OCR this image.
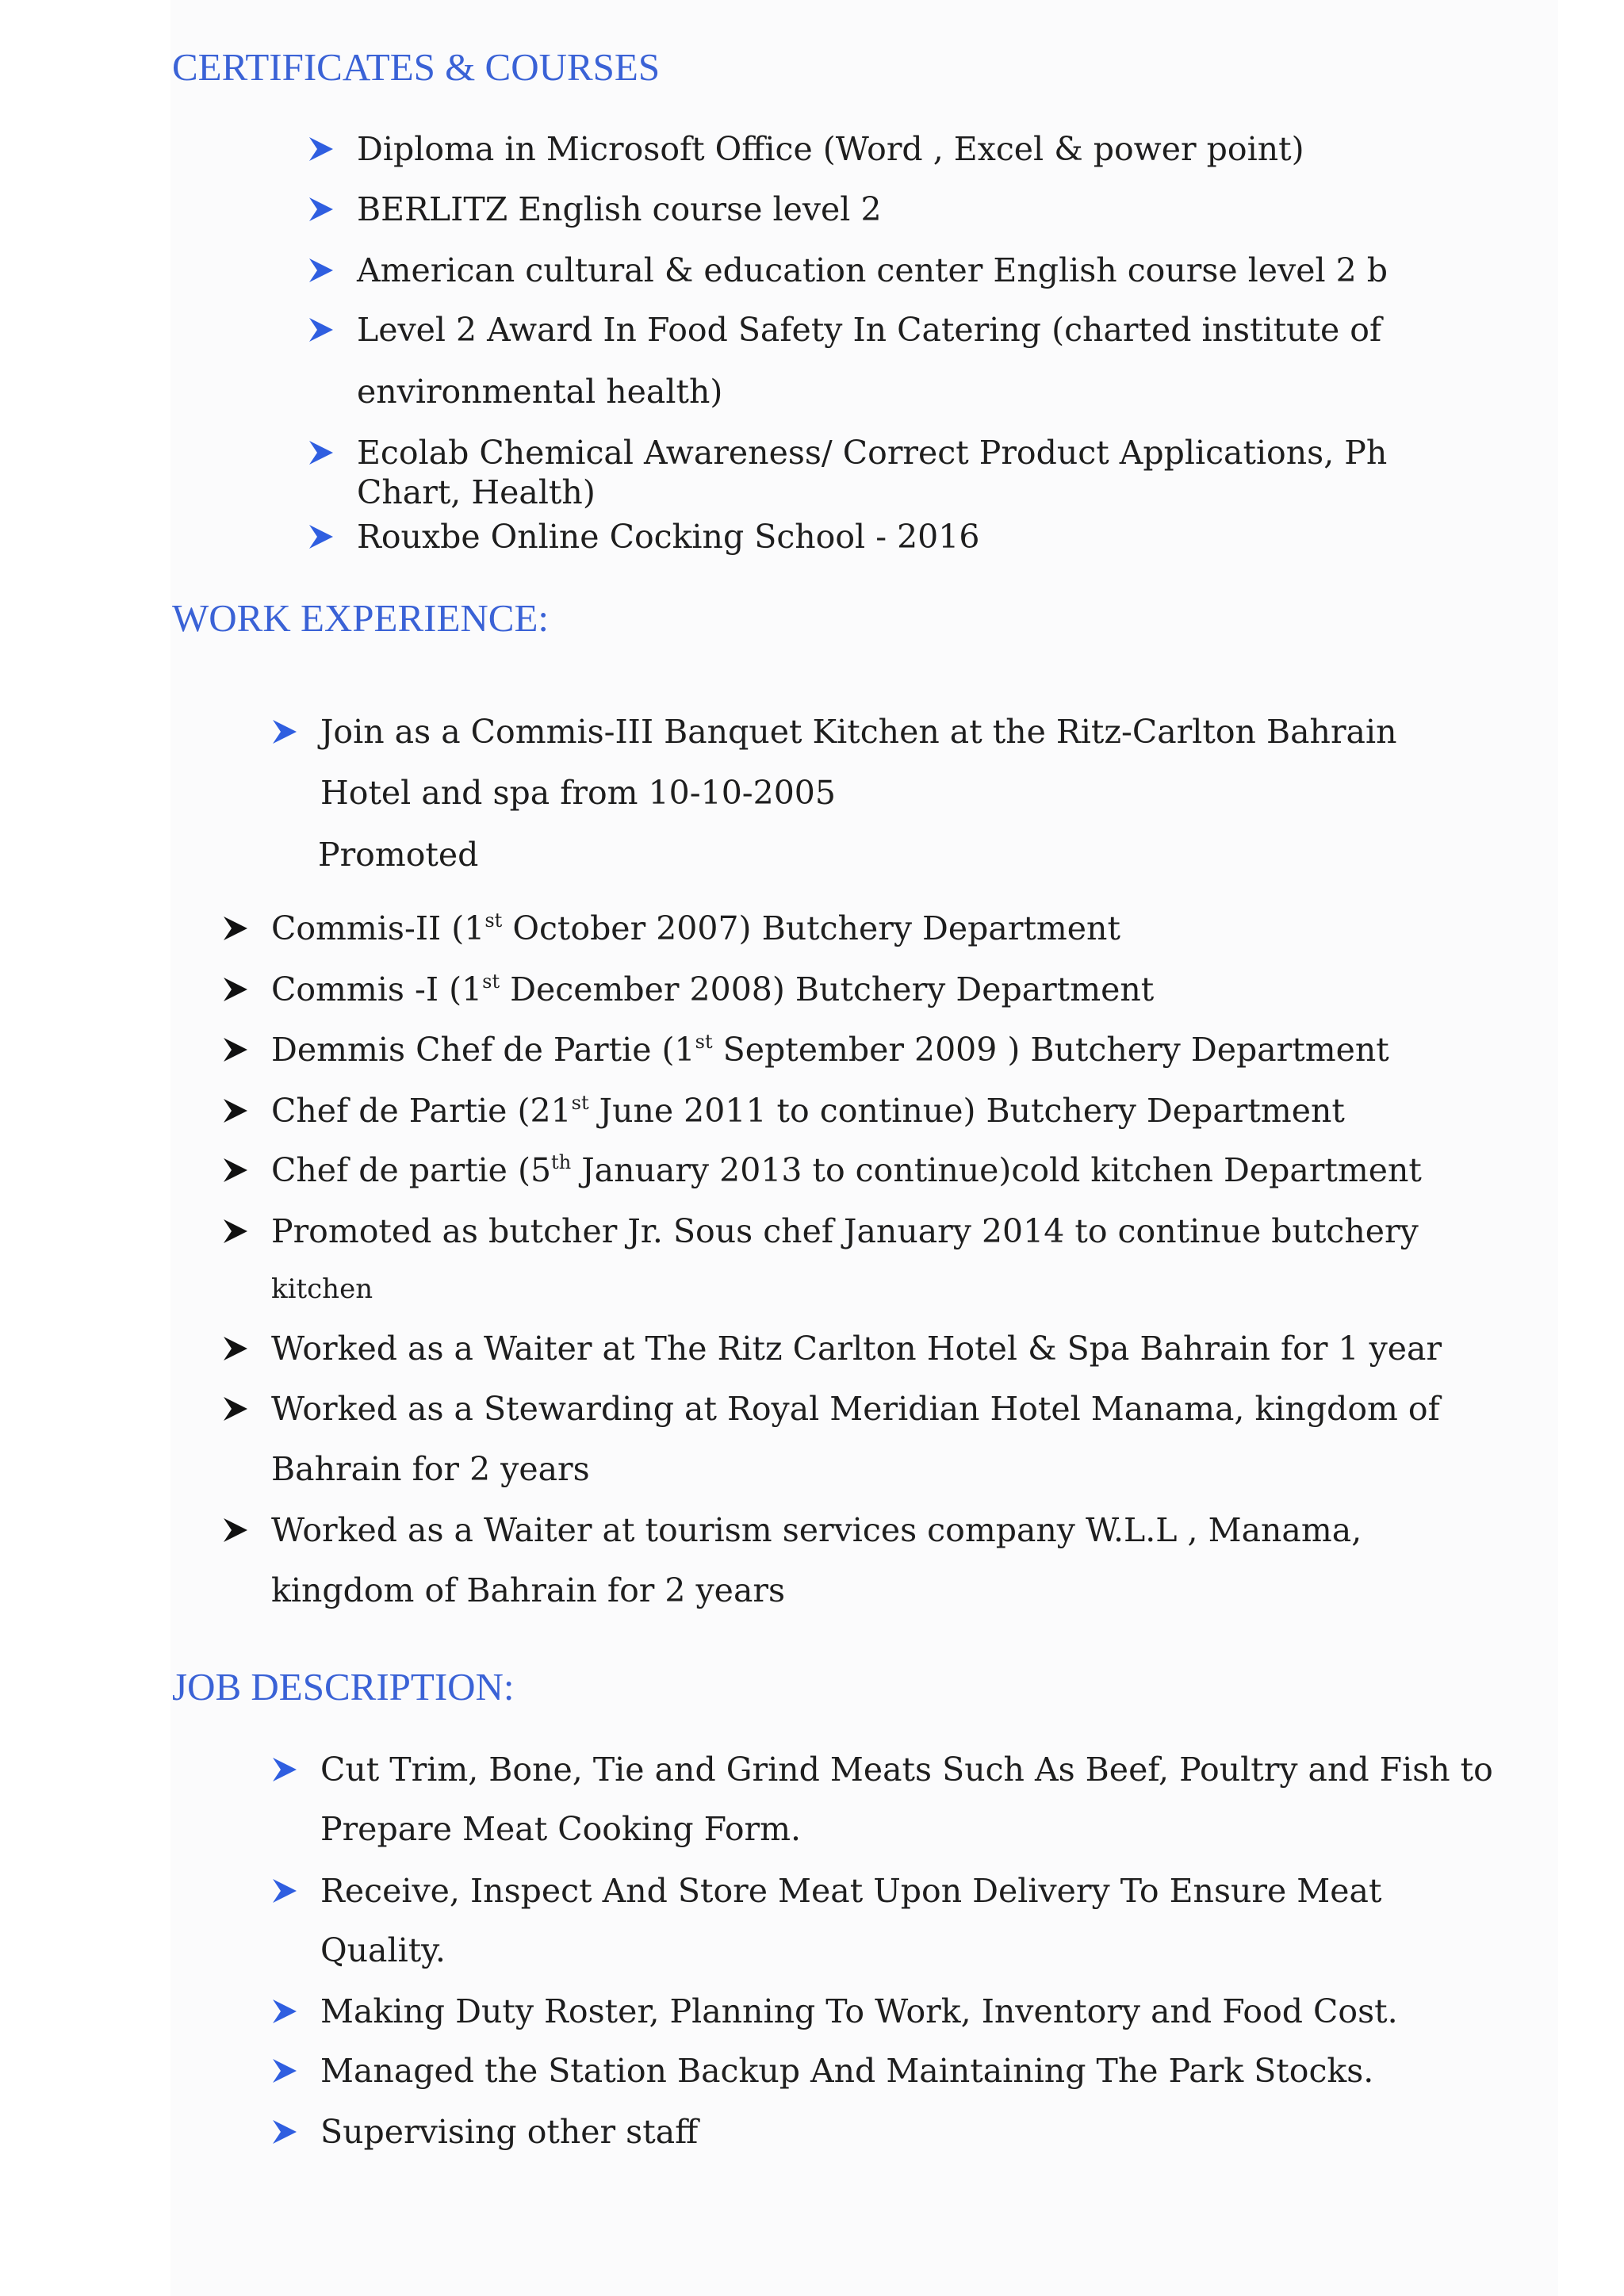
CERTIFICATES & COURSES
Diploma in Microsoft Office (Word , Excel & power point)
BERLITZ English course level 2
American cultural & education center English course level 2 b
Level 2 Award In Food Safety In Catering (charted institute of
environmental health)
Ecolab Chemical Awareness/ Correct Product Applications, Ph
Chart, Health)
Rouxbe Online Cocking School - 2016
WORK EXPERIENCE:
Join as a Commis-III Banquet Kitchen at the Ritz-Carlton Bahrain
Hotel and spa from 10-10-2005
Promoted
Commis-II (1st October 2007) Butchery Department
Commis -I (1st December 2008) Butchery Department
Demmis Chef de Partie (1st September 2009 ) Butchery Department
Chef de Partie (21st June 2011 to continue) Butchery Department
Chef de partie (5th January 2013 to continue)cold kitchen Department
Promoted as butcher Jr. Sous chef January 2014 to continue butchery
kitchen
Worked as a Waiter at The Ritz Carlton Hotel & Spa Bahrain for 1 year
Worked as a Stewarding at Royal Meridian Hotel Manama, kingdom of
Bahrain for 2 years
Worked as a Waiter at tourism services company W.L.L , Manama,
kingdom of Bahrain for 2 years
JOB DESCRIPTION:
Cut Trim, Bone, Tie and Grind Meats Such As Beef, Poultry and Fish to
Prepare Meat Cooking Form.
Receive, Inspect And Store Meat Upon Delivery To Ensure Meat
Quality.
Making Duty Roster, Planning To Work, Inventory and Food Cost.
Managed the Station Backup And Maintaining The Park Stocks.
Supervising other staff
